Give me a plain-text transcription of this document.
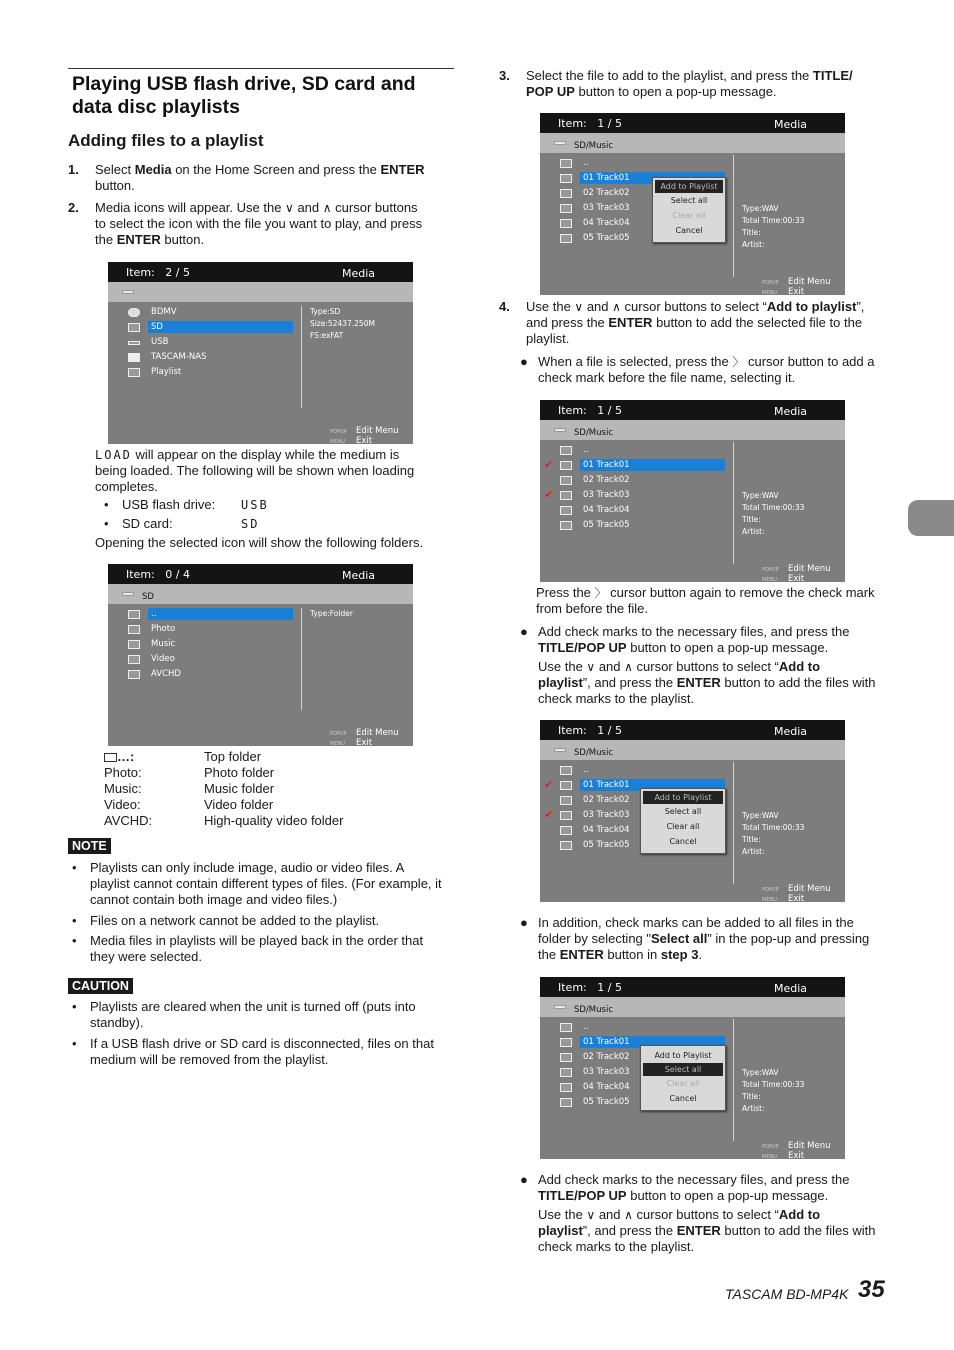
Playing USB flash drive, SD card and data disc playlists
Adding files to a playlist
1. Select Media on the Home Screen and press the ENTER
button.
2. Media icons will appear. Use the ∨ and ∧ cursor buttons
to select the icon with the file you want to play, and press
the ENTER button.
Item: 2 / 5	Media
BDMV
SD
USB
TASCAM-NAS
Playlist
Type:SD
Size:52437.250M
FS:exFAT
POPUP Edit Menu
MENU Exit
LOAD will appear on the display while the medium is
being loaded. The following will be shown when loading
completes.
• USB flash drive: USB
• SD card:	SD
Opening the selected icon will show the following folders.
Item: 0 / 4	Media
SD
..
Photo
Music
Video
AVCHD
Type:Folder
POPUP Edit Menu
MENU Exit
…:	Top folder
Photo:	Photo folder
Music:	Music folder
Video:	Video folder
AVCHD:	High-quality video folder
NOTE
• Playlists can only include image, audio or video files. A
playlist cannot contain different types of files. (For example, it
cannot contain both image and video files.)
• Files on a network cannot be added to the playlist.
• Media files in playlists will be played back in the order that
they were selected.
CAUTION
• Playlists are cleared when the unit is turned off (puts into
standby).
• If a USB flash drive or SD card is disconnected, files on that
medium will be removed from the playlist.
3. Select the file to add to the playlist, and press the TITLE/
POP UP button to open a pop-up message.
Item: 1 / 5	Media
SD/Music
..
01 Track01
02 Track02
03 Track03
04 Track04
05 Track05
Add to Playlist
Select all
Clear all
Cancel
Type:WAV
Total Time:00:33
Title:
Artist:
POPUP Edit Menu
MENU Exit
4. Use the ∨ and ∧ cursor buttons to select “Add to playlist”,
and press the ENTER button to add the selected file to the
playlist.
● When a file is selected, press the 〉 cursor button to add a
check mark before the file name, selecting it.
Item: 1 / 5	Media
SD/Music
..
✔	01 Track01
02 Track02
✔	03 Track03
04 Track04
05 Track05
Type:WAV
Total Time:00:33
Title:
Artist:
POPUP Edit Menu
MENU Exit
Press the 〉 cursor button again to remove the check mark
from before the file.
● Add check marks to the necessary files, and press the
TITLE/POP UP button to open a pop-up message.
Use the ∨ and ∧ cursor buttons to select “Add to
playlist”, and press the ENTER button to add the files with
check marks to the playlist.
Item: 1 / 5	Media
SD/Music
..
✔	01 Track01
02 Track02
✔	03 Track03
04 Track04
05 Track05
Add to Playlist
Select all
Clear all
Cancel
Type:WAV
Total Time:00:33
Title:
Artist:
POPUP Edit Menu
MENU Exit
● In addition, check marks can be added to all files in the
folder by selecting "Select all” in the pop-up and pressing
the ENTER button in step 3.
Item: 1 / 5	Media
SD/Music
..
01 Track01
02 Track02
03 Track03
04 Track04
05 Track05
Add to Playlist
Select all
Clear all
Cancel
Type:WAV
Total Time:00:33
Title:
Artist:
POPUP Edit Menu
MENU Exit
● Add check marks to the necessary files, and press the
TITLE/POP UP button to open a pop-up message.
Use the ∨ and ∧ cursor buttons to select “Add to
playlist”, and press the ENTER button to add the files with
check marks to the playlist.
TASCAM BD-MP4K 35
